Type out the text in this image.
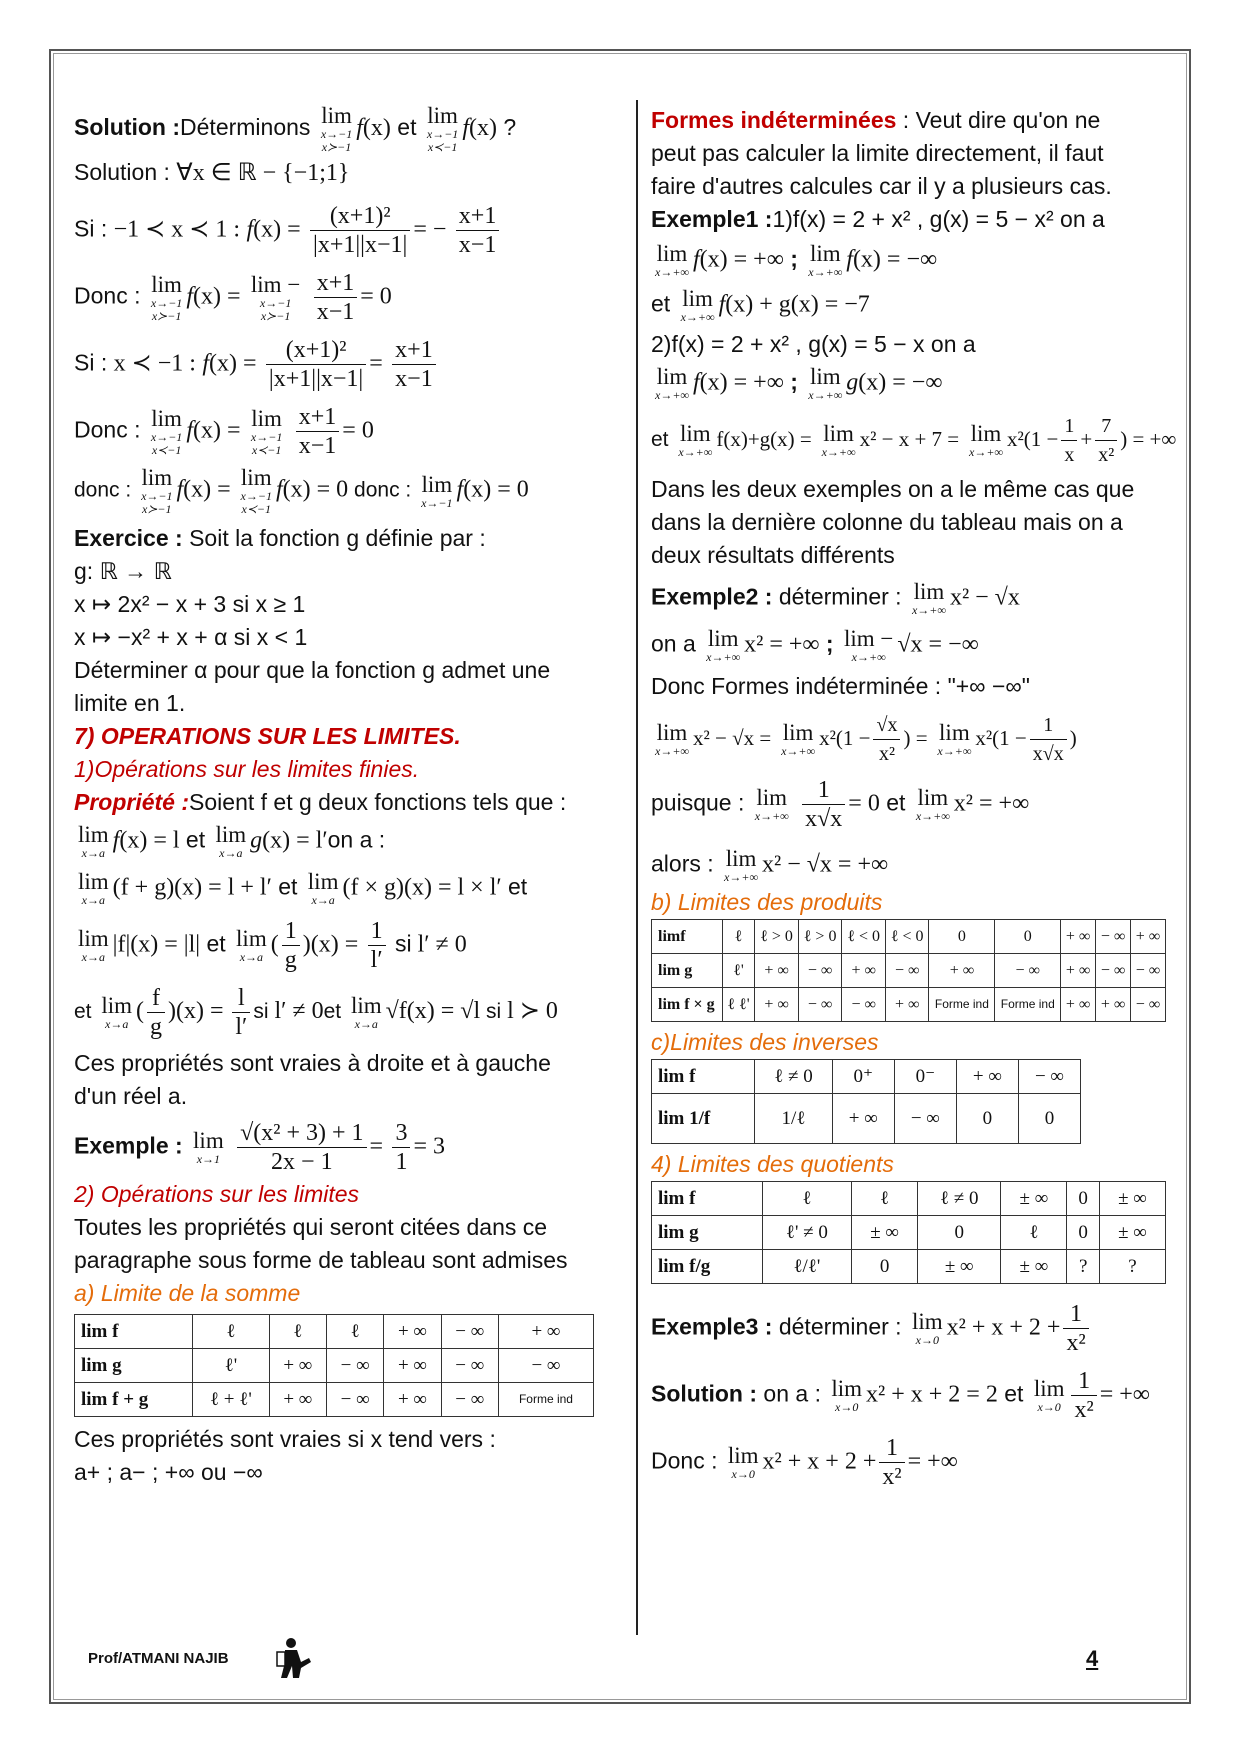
Solution :Déterminons lim
x→−1
x≻−1
f(x) et lim
x→−1
x≺−1
f(x) ?

Solution : ∀x ∈ ℝ − {−1;1}

Si : −1 ≺ x ≺ 1 : $f(x) = \frac{\text{(x+1)²}}{|x+1||x-1|}$ = − $\frac{x+1}{x-1}$

Donc : lim
x→−1
x≻−1
f(x) = lim −
x→−1
x≻−1
$\frac{x+1}{x-1} = 0$

Si : x ≺ −1 : $f(x) = \frac{\text{(x+1)²}}{|x+1||x-1|} = \frac{x+1}{x-1}$

Donc : lim
x→−1
x≺−1
f(x) = lim
x→−1
x≺−1
$\frac{x+1}{x-1} = 0$

donc :
lim
x→−1
x≻−1
f(x) = lim
x→−1
x≺−1
f(x) = 0 donc : lim
x→−1 f(x) = 0

Exercice : Soit la fonction g définie par :

g: ℝ → ℝ

x ↦ 2x² − x + 3 si x ≥ 1

x ↦ −x² + x + α si x < 1

Déterminer α pour que la fonction g admet une

limite en 1.

7) OPERATIONS SUR LES LIMITES.

1)Opérations sur les limites finies.

Propriété :Soient f et g deux fonctions tels que :

lim
x→a f(x) = l et lim
x→a g(x) = l′on a :

lim
x→a (f + g)(x) = l + l′ et lim
x→a (f × g)(x) = l × l′ et

lim
x→a |f|(x) = |l| et lim
x→a ( $\frac{1}{g} )(x) = \frac{1}{l'}$ si l′ ≠ 0

et lim
x→a ( $\frac{f}{g} )(x) = \frac{l}{l'}$ si l′ ≠ 0et lim
x→a √f(x) = √l si l ≻ 0

Ces propriétés sont vraies à droite et à gauche

d'un réel a.

Exemple : lim
x→1
$\frac{\text{√(x² + 3) + 1}}{2x - 1} = \frac{3}{1} = 3$

2) Opérations sur les limites

Toutes les propriétés qui seront citées dans ce

paragraphe sous forme de tableau sont admises

a) Limite de la somme

lim f	ℓ	ℓ	ℓ	+ ∞	− ∞	+ ∞
lim g	ℓ'	+ ∞	− ∞	+ ∞	− ∞	− ∞
lim f + g	ℓ + ℓ'	+ ∞	− ∞	+ ∞	− ∞	Forme ind

Ces propriétés sont vraies si x tend vers :

a+ ; a− ; +∞ ou −∞

Formes indéterminées : Veut dire qu'on ne

peut pas calculer la limite directement, il faut

faire d'autres calcules car il y a plusieurs cas.

Exemple1 :1)f(x) = 2 + x² , g(x) = 5 − x² on a

lim
x→+∞ f(x) = +∞ ; lim
x→+∞ f(x) = −∞

et lim
x→+∞ f(x) + g(x) = −7

2)f(x) = 2 + x² , g(x) = 5 − x on a

lim
x→+∞ f(x) = +∞ ; lim
x→+∞ g(x) = −∞

et lim
x→+∞
f(x)+g(x) = lim
x→+∞
x² − x + 7 = lim
x→+∞
$x^2(1 - \frac{1}{x} + \frac{7}{\text{x²}}$ ) = +∞

Dans les deux exemples on a le même cas que

dans la dernière colonne du tableau mais on a

deux résultats différents

Exemple2 : déterminer : lim
x→+∞ x² − √x

on a lim
x→+∞ x² = +∞ ; lim −
x→+∞ √x = −∞

Donc Formes indéterminée : "+∞ −∞"

lim
x→+∞
x² − √x = lim
x→+∞
$x^2(1 - \frac{√x}{\text{x²}}$ ) = lim
x→+∞
$x^2(1 - \frac{1}{x√x}$ )

puisque : lim
x→+∞
$\frac{1}{x√x} = 0$ et lim
x→+∞ x² = +∞

alors : lim
x→+∞ x² − √x = +∞

b) Limites des produits

limf	ℓ	ℓ > 0	ℓ > 0	ℓ < 0	ℓ < 0	0	0	+ ∞	− ∞	+ ∞
lim g	ℓ'	+ ∞	− ∞	+ ∞	− ∞	+ ∞	− ∞	+ ∞	− ∞	− ∞
lim f × g	ℓ ℓ'	+ ∞	− ∞	− ∞	+ ∞	Forme ind	Forme ind	+ ∞	+ ∞	− ∞

c)Limites des inverses

lim f	ℓ ≠ 0	0⁺	0⁻	+ ∞	− ∞
lim 1/f	1/ℓ	+ ∞	− ∞	0	0

4) Limites des quotients

lim f	ℓ	ℓ	ℓ ≠ 0	± ∞	0	± ∞
lim g	ℓ' ≠ 0	± ∞	0	ℓ	0	± ∞
lim f/g	ℓ/ℓ'	0	± ∞	± ∞	?	?

Exemple3 : déterminer : lim
x→0 $x^2 + x + 2 + \frac{1}{\text{x²}}$

Solution : on a : lim
x→0 x² + x + 2 = 2 et lim
$x\to 0 \frac{1}{\text{x²}}$ = +∞

Donc : lim
x→0 $x^2 + x + 2 + \frac{1}{\text{x²}}$ = +∞

Prof/ATMANI NAJIB	4
